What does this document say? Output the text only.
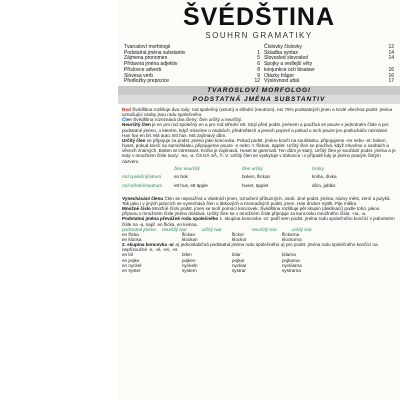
ŠVÉDŠTINA
SOUHRN GRAMATIKY
Tvarosloví morfologii
Podstatná jména substantiv	1
Zájmena pronomen	5
Přídavná jména adjektiv	6
Příslovce adverb	8
Slovesa verb	9
Předložky prepozice	12
Číslovky číslovky	12
Skladba syntax	14
Slovosled slovosled	14
Spojky a vedlejší věty
konjunkce och bisatser	16
Otázky frågor	16
Výslovnost uttal	17
TVAROSLOVÍ MORFOLOGI
PODSTATNÁ JMÉNA SUBSTANTIV
Rod Švédština rozlišuje dva rody: rod společný (utrum) a střední (neutrum). Asi 75% podstatných jmen a tvrdé všechna podst. jména označující osoby jsou rodu společného.
Člen Švédština rozeznává dva členy: člen určitý a neurčitý.
Neurčitý člen je en pro rod společný en a pro rod střední ett. Stojí před podst. jménem a používá se pouze v jednotném čísle a pro podstatné jméno, o kterém, když mluvíme o osobách, předmětech a jevech poprvé a pokud o nich pouze jen poslucháče neznámé. Han har en bil. Má auto. Ett hus. Má zajímavý dům.
Určitý člen se připojuje za podst. jméno jako koncovka. Pokud podst. jméno končí na souhlásku, připojujeme -en nebo -et: boken, huset, pokud končí na samohlásku, připojujeme pouze -n nebo -t: flickan, äpplet. Určitý člen se používá, když mluvíme o osobách a věcech známých. Boken är intressant. Kniha je zajímavá. Huset är gammalt. Ten dům je starý. Určitý člen je součástí podst. jména a je tedy v množném čísle tvary: -na, -a. Č8 DÄ SÅ, Å: V. Určitý člen se vyskytuje v dokonce i v případě kdy je jméno pravým čistým názvem.
člen neurčitý	člen určitý	česky
rod společný/utrum	en bok	boken, flickan	kniha, dívka
rod střední/neutrum	ett hus, ett äpple	huset, äpplet	dům, jablko
Vynechávání členu Člen se nepoužívá u vlastních jmen, označení příbuzných, osob. Jiné podst. jména, názvy měst, zemí a jazyků. Tak jako i v jiných jazycích se vynechává člen u látkových a hromadných podst. jmen. Han dricker mjölk. Pije mléko.
Množné číslo Množné číslo podst. jmen se tvoří pomocí koncovek. Švédština rozlišuje pět skupin (deklinací) podle toho, jakou příponu v množném čísle jméno dostává. Určitý člen se v množném čísle připojuje za koncovku množného čísla: -na, -a.
Podstatná jména převážně rodu společného 1. skupina koncovka -or: patří sem podst. jména rodu společného končící v jednotném čísle na -a, např. en flicka, en kvinna.
podstatné jméno	neurčitý tvar	určitý tvar	neurčitý tvar	určitý tvar
en flicka	flickan	flickor	flickorna
en klocka	klockan	klockor	klockorna
2. skupina koncovka -ar a) jednoslabičná podstatná jména rodu společného a) pro podst. jména rodu společného končící na nepřízvučné -e, -el, -en, -er.
en bil	bilen	bilar	bilarna
en pojke	pojken	pojkar	pojkarna
en nyckel	nyckeln	nycklar	nycklarna
en syster	systern	systrar	systrarna
